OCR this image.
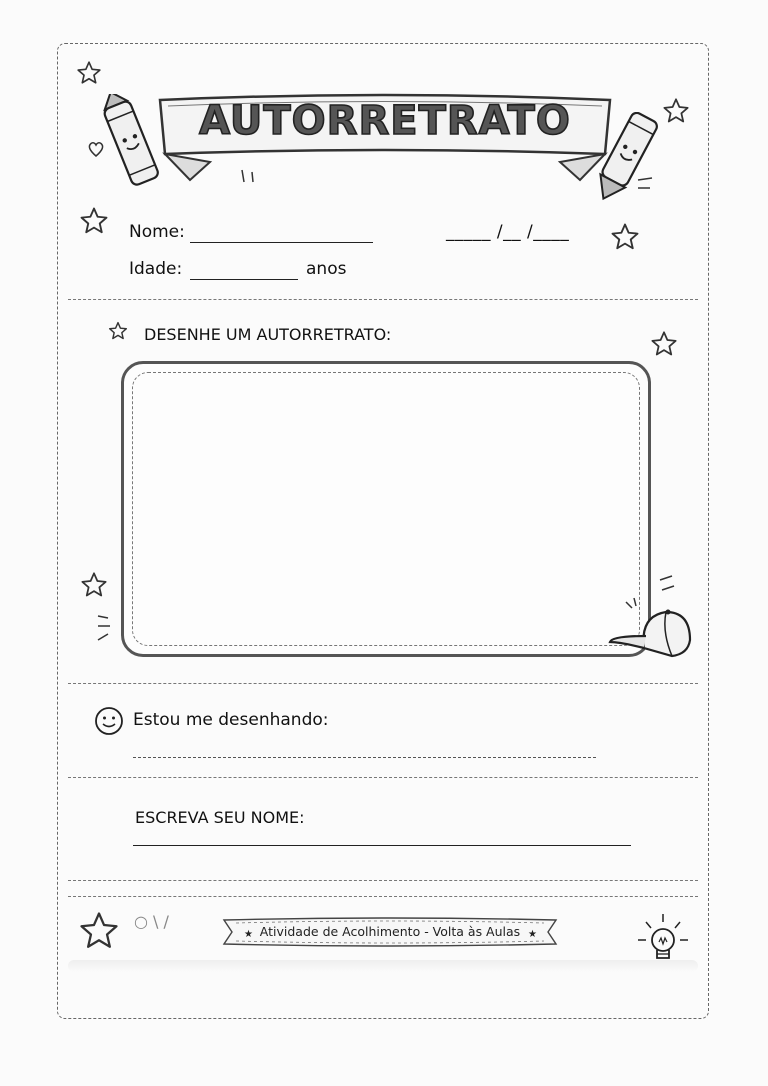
AUTORRETRATO
Nome:	_____ /__ /____
Idade:	anos
DESENHE UM AUTORRETRATO:
Estou me desenhando:
ESCREVA SEU NOME:
○ \ /
★	★
Atividade de Acolhimento - Volta às Aulas
